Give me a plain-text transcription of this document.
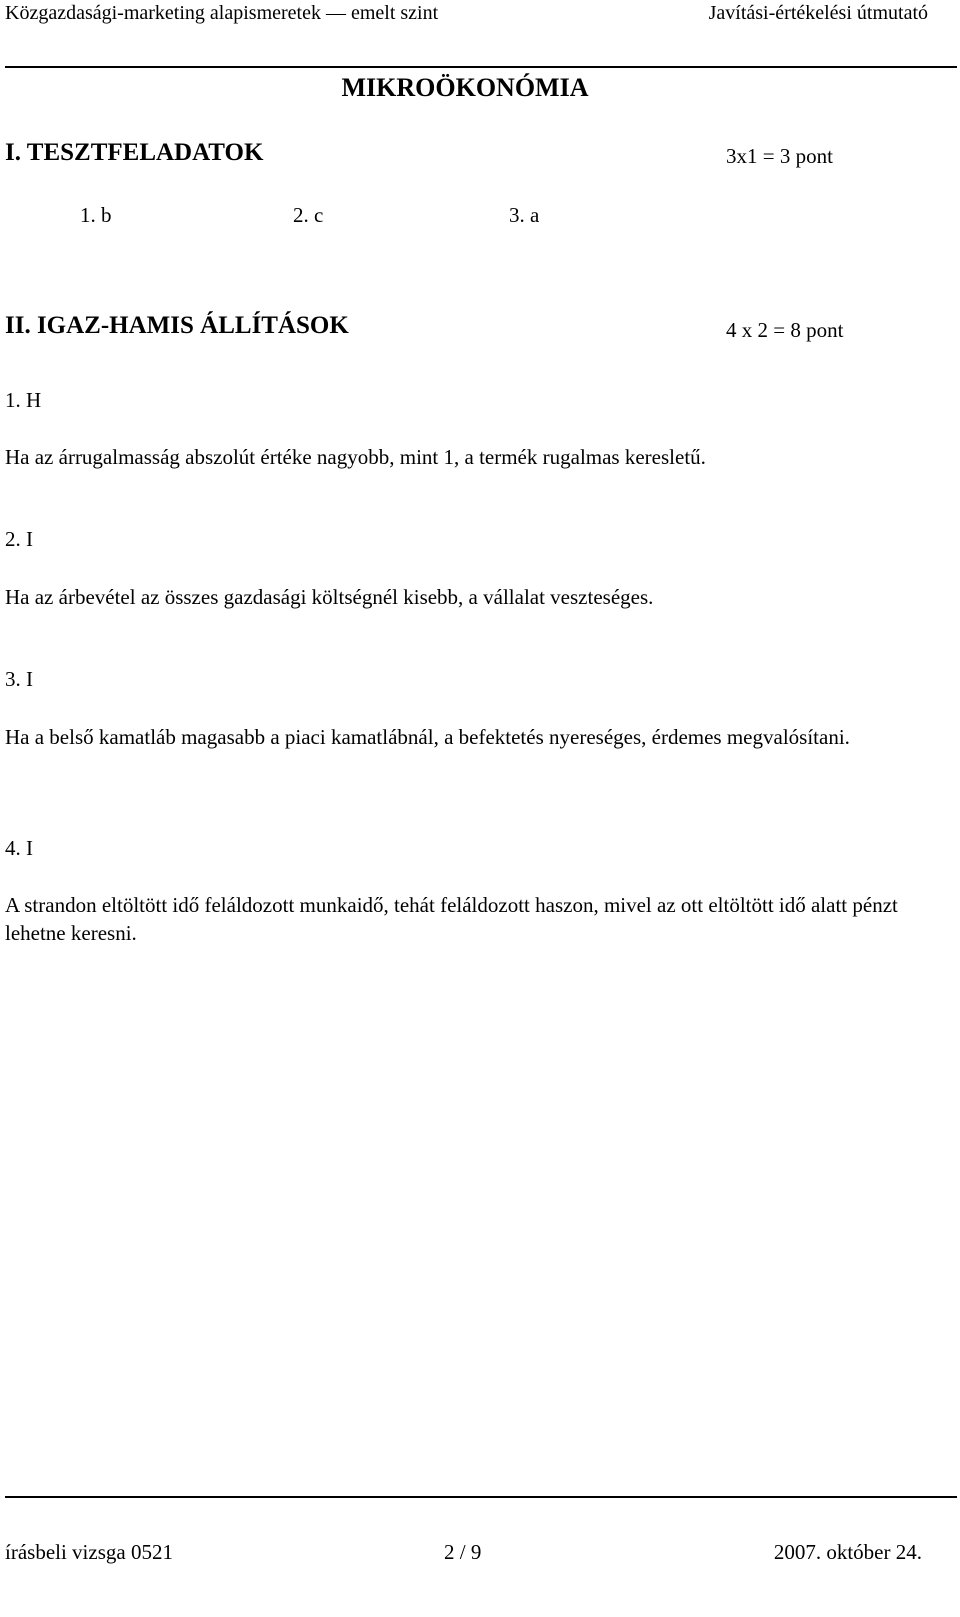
Közgazdasági-marketing alapismeretek — emelt szint	Javítási-értékelési útmutató
MIKROÖKONÓMIA
I. TESZTFELADATOK	3x1 = 3 pont
1. b	2. c	3. a
II. IGAZ-HAMIS ÁLLÍTÁSOK	4 x 2 = 8 pont
1. H
Ha az árrugalmasság abszolút értéke nagyobb, mint 1, a termék rugalmas keresletű.
2. I
Ha az árbevétel az összes gazdasági költségnél kisebb, a vállalat veszteséges.
3. I
Ha a belső kamatláb magasabb a piaci kamatlábnál, a befektetés nyereséges, érdemes megvalósítani.
4. I
A strandon eltöltött idő feláldozott munkaidő, tehát feláldozott haszon, mivel az ott eltöltött idő alatt pénzt lehetne keresni.
írásbeli vizsga 0521	2 / 9	2007. október 24.
